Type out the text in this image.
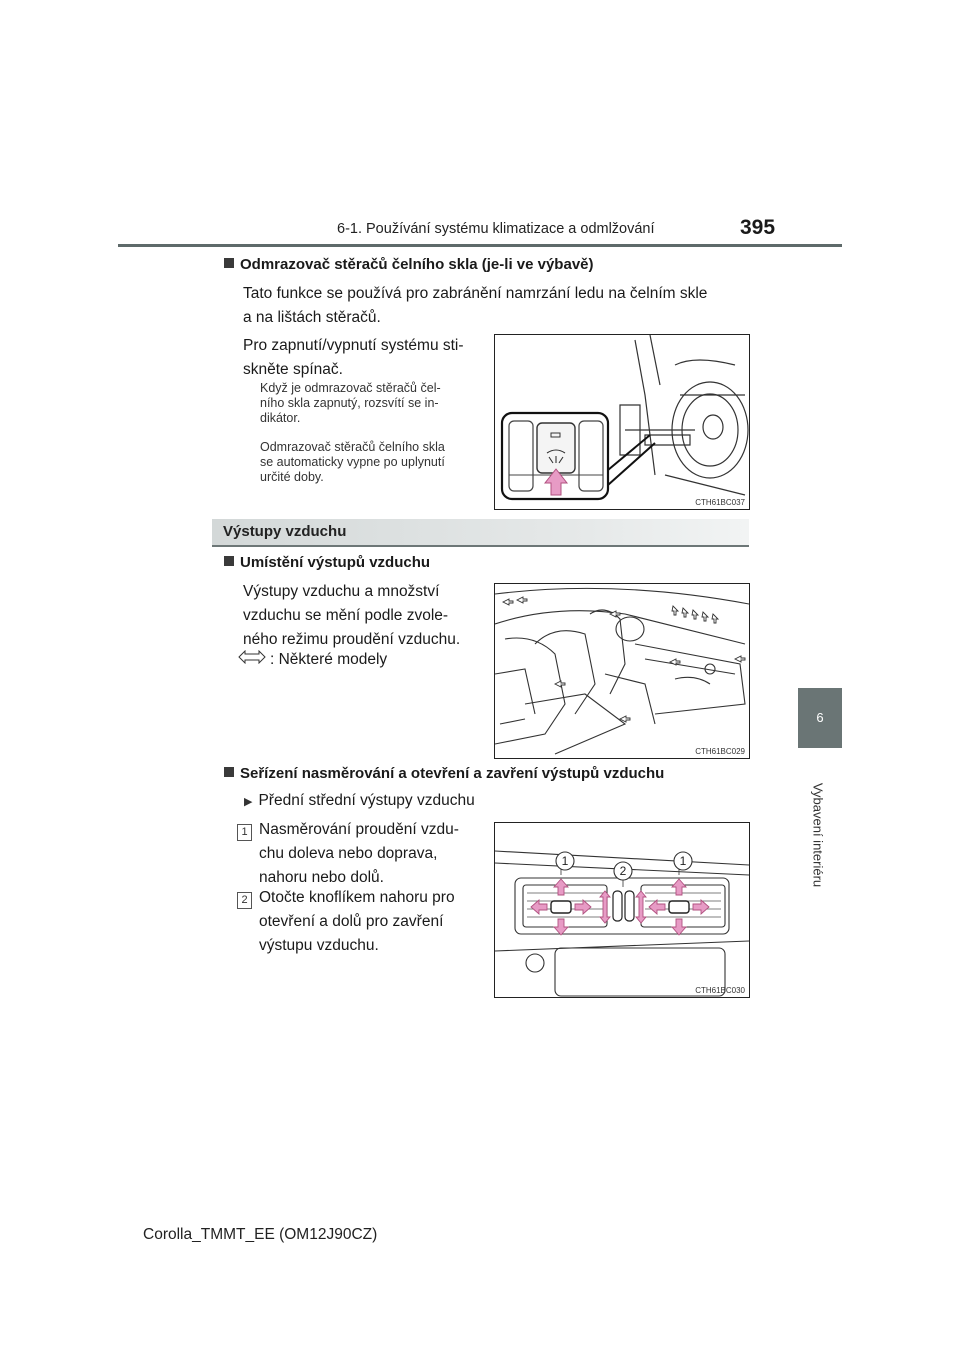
6-1. Používání systému klimatizace a odmlžování	395
6
Vybavení interiéru
Odmrazovač stěračů čelního skla (je-li ve výbavě)
Tato funkce se používá pro zabránění namrzání ledu na čelním skle
a na lištách stěračů.
Pro zapnutí/vypnutí systému sti-
skněte spínač.
Když je odmrazovač stěračů čel-
ního skla zapnutý, rozsvítí se in-
dikátor.
Odmrazovač stěračů čelního skla
se automaticky vypne po uplynutí
určité doby.
CTH61BC037
Výstupy vzduchu
Umístění výstupů vzduchu
Výstupy vzduchu a množství
vzduchu se mění podle zvole-
ného režimu proudění vzduchu.
: Některé modely
CTH61BC029
Seřízení nasměrování a otevření a zavření výstupů vzduchu
▶ Přední střední výstupy vzduchu
1 Nasměrování proudění vzdu-
chu doleva nebo doprava,
nahoru nebo dolů.
2 Otočte knoflíkem nahoru pro
otevření a dolů pro zavření
výstupu vzduchu.
1
2
1
CTH61BC030
Corolla_TMMT_EE (OM12J90CZ)
